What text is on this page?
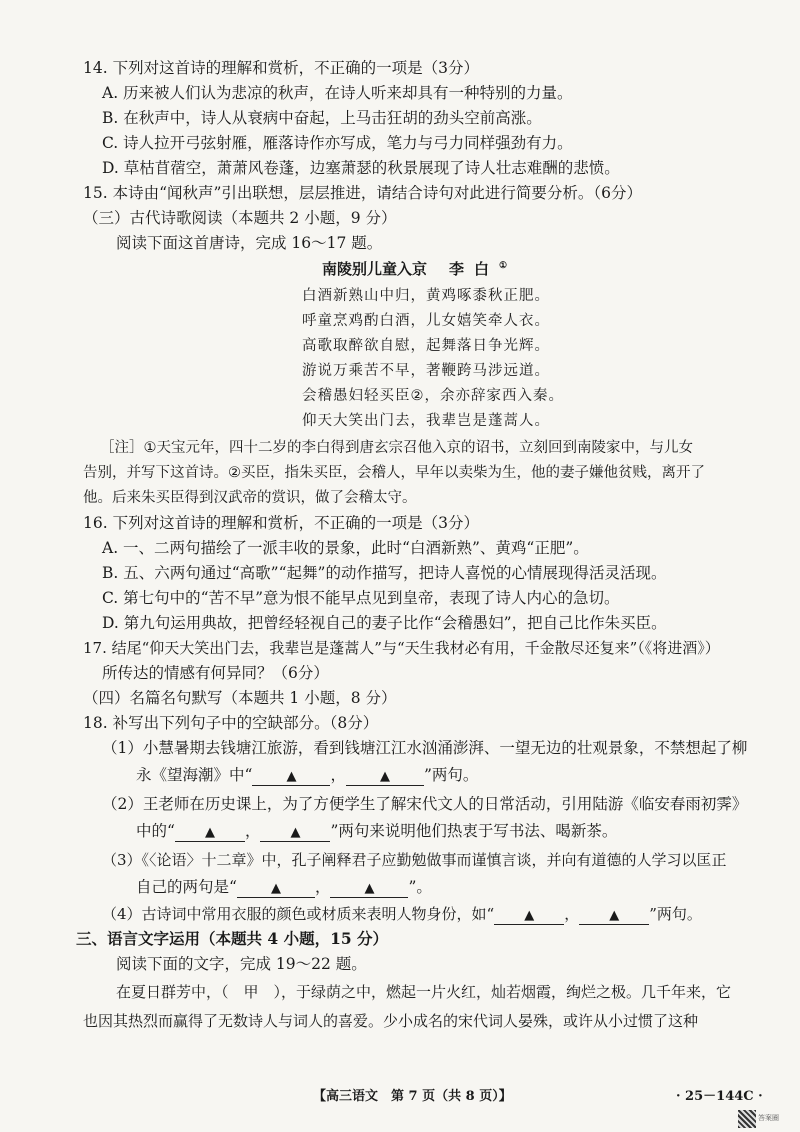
14. 下列对这首诗的理解和赏析，不正确的一项是（3分）
A. 历来被人们认为悲凉的秋声，在诗人听来却具有一种特别的力量。
B. 在秋声中，诗人从衰病中奋起，上马击狂胡的劲头空前高涨。
C. 诗人拉开弓弦射雁，雁落诗作亦写成，笔力与弓力同样强劲有力。
D. 草枯苜蓿空，萧萧风卷蓬，边塞萧瑟的秋景展现了诗人壮志难酬的悲愤。
15. 本诗由“闻秋声”引出联想，层层推进，请结合诗句对此进行简要分析。（6分）
（三）古代诗歌阅读（本题共 2 小题，9 分）
阅读下面这首唐诗，完成 16～17 题。
南陵别儿童入京 李白①
白酒新熟山中归，黄鸡啄黍秋正肥。
呼童烹鸡酌白酒，儿女嬉笑牵人衣。
高歌取醉欲自慰，起舞落日争光辉。
游说万乘苦不早，著鞭跨马涉远道。
会稽愚妇轻买臣②，余亦辞家西入秦。
仰天大笑出门去，我辈岂是蓬蒿人。
［注］①天宝元年，四十二岁的李白得到唐玄宗召他入京的诏书，立刻回到南陵家中，与儿女
告别，并写下这首诗。②买臣，指朱买臣，会稽人，早年以卖柴为生，他的妻子嫌他贫贱，离开了
他。后来朱买臣得到汉武帝的赏识，做了会稽太守。
16. 下列对这首诗的理解和赏析，不正确的一项是（3分）
A. 一、二两句描绘了一派丰收的景象，此时“白酒新熟”、黄鸡“正肥”。
B. 五、六两句通过“高歌”“起舞”的动作描写，把诗人喜悦的心情展现得活灵活现。
C. 第七句中的“苦不早”意为恨不能早点见到皇帝，表现了诗人内心的急切。
D. 第九句运用典故，把曾经轻视自己的妻子比作“会稽愚妇”，把自己比作朱买臣。
17. 结尾“仰天大笑出门去，我辈岂是蓬蒿人”与“天生我材必有用，千金散尽还复来”（《将进酒》）
所传达的情感有何异同？（6分）
（四）名篇名句默写（本题共 1 小题，8 分）
18. 补写出下列句子中的空缺部分。（8分）
（1）小慧暑期去钱塘江旅游，看到钱塘江江水汹涌澎湃、一望无边的壮观景象，不禁想起了柳
永《望海潮》中“	▲ ，	▲ ”两句。
（2）王老师在历史课上，为了方便学生了解宋代文人的日常活动，引用陆游《临安春雨初霁》
中的“ ▲ ， ▲ ”两句来说明他们热衷于写书法、喝新茶。
（3）《〈论语〉十二章》中，孔子阐释君子应勤勉做事而谨慎言谈，并向有道德的人学习以匡正
自己的两句是“	▲ ，	▲ ”。
（4）古诗词中常用衣服的颜色或材质来表明人物身份，如“ ▲ ， ▲ ”两句。
三、语言文字运用（本题共 4 小题，15 分）
阅读下面的文字，完成 19～22 题。
在夏日群芳中，（　甲　），于绿荫之中，燃起一片火红，灿若烟霞，绚烂之极。几千年来，它
也因其热烈而赢得了无数诗人与词人的喜爱。少小成名的宋代词人晏殊，或许从小过惯了这种
【高三语文　第 7 页（共 8 页）】	· 25－144C ·
答案圈
